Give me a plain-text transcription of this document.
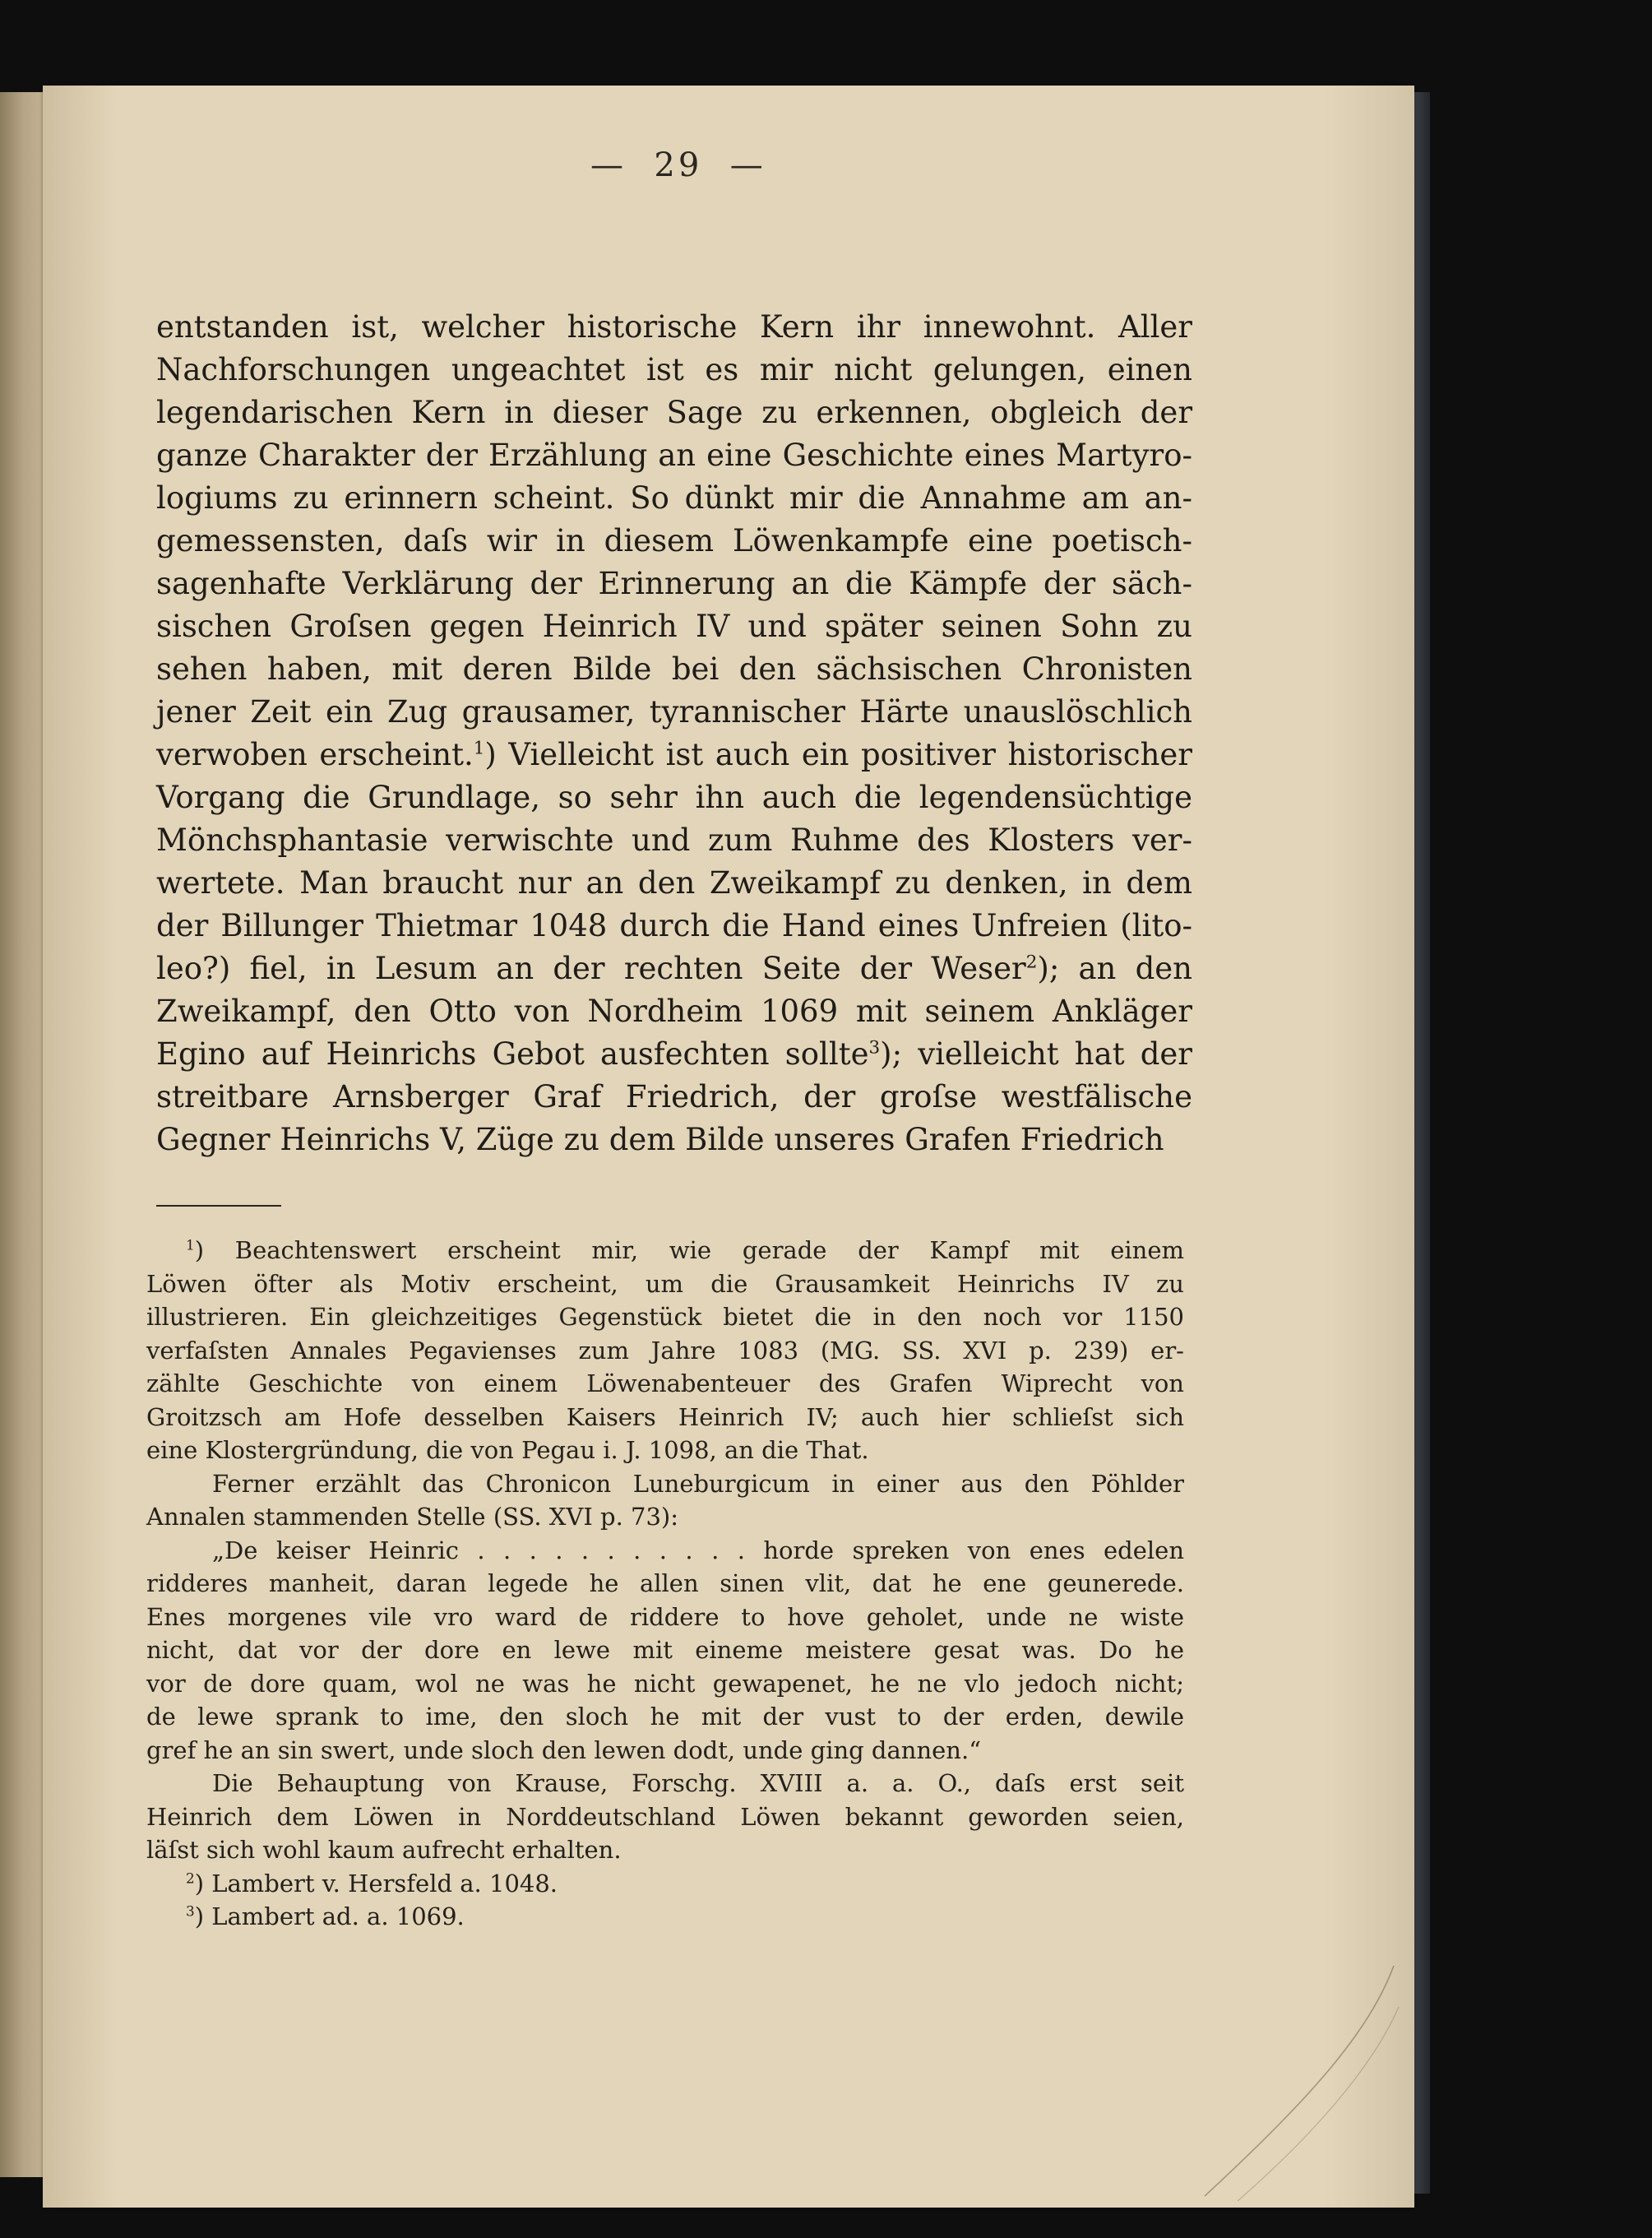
—  29  —
entstanden ist, welcher historische Kern ihr innewohnt. Aller
Nachforschungen ungeachtet ist es mir nicht gelungen, einen
legendarischen Kern in dieser Sage zu erkennen, obgleich der
ganze Charakter der Erzählung an eine Geschichte eines Martyro-
logiums zu erinnern scheint. So dünkt mir die Annahme am an-
gemessensten, daſs wir in diesem Löwenkampfe eine poetisch-
sagenhafte Verklärung der Erinnerung an die Kämpfe der säch-
sischen Groſsen gegen Heinrich IV und später seinen Sohn zu
sehen haben, mit deren Bilde bei den sächsischen Chronisten
jener Zeit ein Zug grausamer, tyrannischer Härte unauslöschlich
verwoben erscheint.$^1$) Vielleicht ist auch ein positiver historischer
Vorgang die Grundlage, so sehr ihn auch die legendensüchtige
Mönchsphantasie verwischte und zum Ruhme des Klosters ver-
wertete. Man braucht nur an den Zweikampf zu denken, in dem
der Billunger Thietmar 1048 durch die Hand eines Unfreien (lito-
leo?) fiel, in Lesum an der rechten Seite der Weser$^2$); an den
Zweikampf, den Otto von Nordheim 1069 mit seinem Ankläger
Egino auf Heinrichs Gebot ausfechten sollte$^3$); vielleicht hat der
streitbare Arnsberger Graf Friedrich, der groſse westfälische
Gegner Heinrichs V, Züge zu dem Bilde unseres Grafen Friedrich
$^1$) Beachtenswert erscheint mir, wie gerade der Kampf mit einem
Löwen öfter als Motiv erscheint, um die Grausamkeit Heinrichs IV zu
illustrieren. Ein gleichzeitiges Gegenstück bietet die in den noch vor 1150
verfaſsten Annales Pegavienses zum Jahre 1083 (MG. SS. XVI p. 239) er-
zählte Geschichte von einem Löwenabenteuer des Grafen Wiprecht von
Groitzsch am Hofe desselben Kaisers Heinrich IV; auch hier schlieſst sich
eine Klostergründung, die von Pegau i. J. 1098, an die That.
Ferner erzählt das Chronicon Luneburgicum in einer aus den Pöhlder
Annalen stammenden Stelle (SS. XVI p. 73):
„De keiser Heinric . . . . . . . . . . . horde spreken von enes edelen
ridderes manheit, daran legede he allen sinen vlit, dat he ene geunerede.
Enes morgenes vile vro ward de riddere to hove geholet, unde ne wiste
nicht, dat vor der dore en lewe mit eineme meistere gesat was. Do he
vor de dore quam, wol ne was he nicht gewapenet, he ne vlo jedoch nicht;
de lewe sprank to ime, den sloch he mit der vust to der erden, dewile
gref he an sin swert, unde sloch den lewen dodt, unde ging dannen.“
Die Behauptung von Krause, Forschg. XVIII a. a. O., daſs erst seit
Heinrich dem Löwen in Norddeutschland Löwen bekannt geworden seien,
läſst sich wohl kaum aufrecht erhalten.
$^2$) Lambert v. Hersfeld a. 1048.
$^3$) Lambert ad. a. 1069.
